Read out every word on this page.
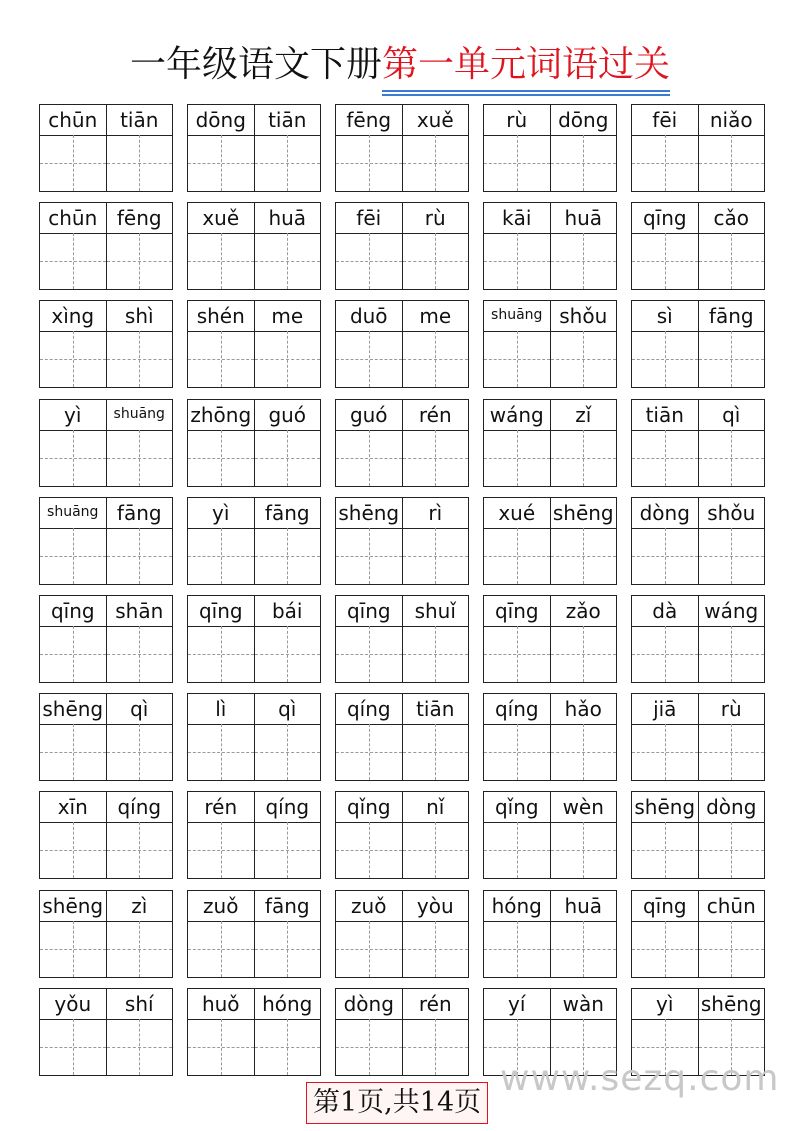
一年级语文下册第一单元词语过关
chūn	tiān	dōng	tiān	fēng	xuě	rù	dōng	fēi	niǎo
chūn fēng	xuě	huā	fēi	rù	kāi	huā	qīng	cǎo
xìng	shì	shén	me	duō	me	shuāng shǒu	sì	fāng
yì	shuāng	zhōng guó	guó	rén	wáng	zǐ	tiān	qì
shuāng fāng	yì	fāng	shēng	rì	xué shēng	dòng shǒu
qīng	shān	qīng	bái	qīng	shuǐ	qīng	zǎo	dà	wáng
shēng	qì	lì	qì	qíng	tiān	qíng	hǎo	jiā	rù
xīn	qíng	rén	qíng	qǐng	nǐ	qǐng	wèn	shēng dòng
shēng	zì	zuǒ	fāng	zuǒ	yòu	hóng	huā	qīng	chūn
yǒu	shí	huǒ	hóng	dòng	rén	yí	wàn	yì	shēng
www.sezq.com
第1页,共14页
